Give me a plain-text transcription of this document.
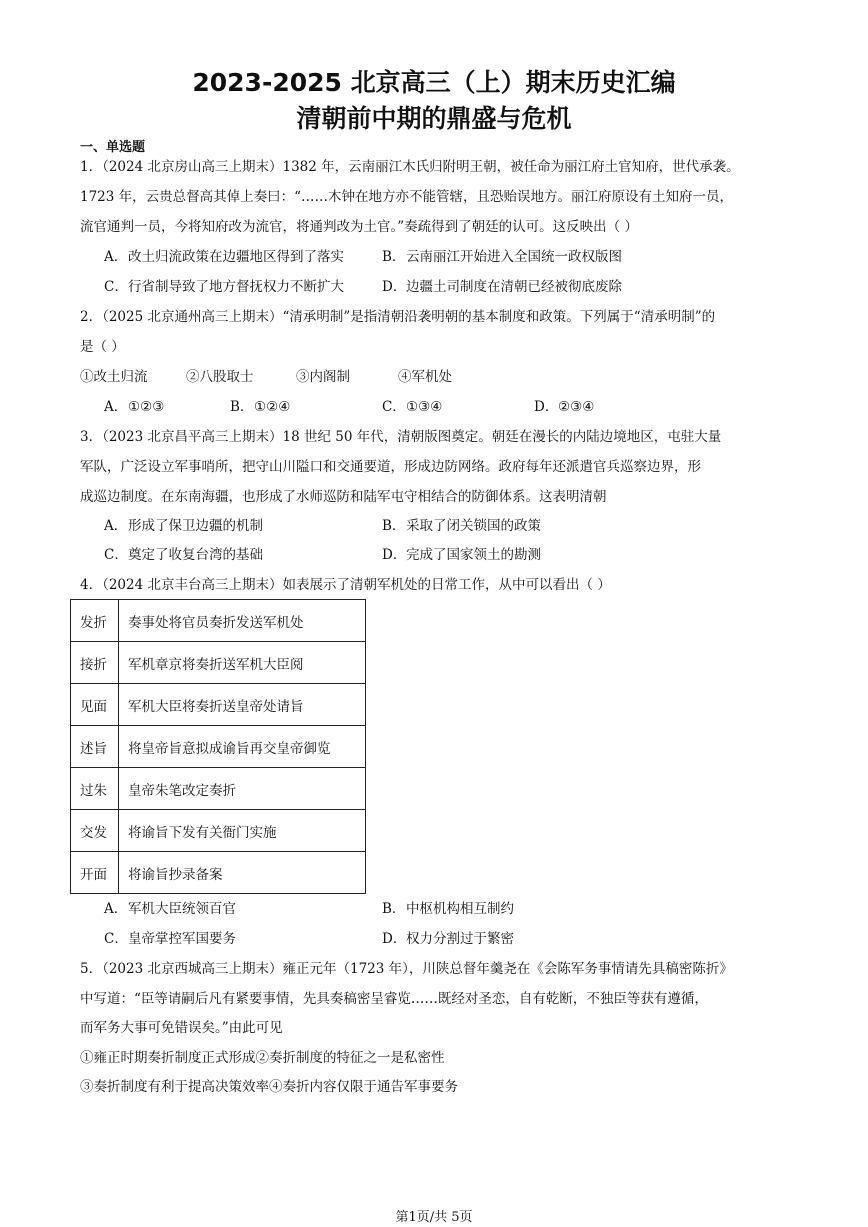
2023-2025 北京高三（上）期末历史汇编
清朝前中期的鼎盛与危机
一、单选题
1．（2024 北京房山高三上期末）1382 年，云南丽江木氏归附明王朝，被任命为丽江府土官知府，世代承袭。
1723 年，云贵总督高其倬上奏曰：“……木钟在地方亦不能管辖，且恐贻误地方。丽江府原设有土知府一员，
流官通判一员，今将知府改为流官，将通判改为土官。”奏疏得到了朝廷的认可。这反映出（ ）
A．改土归流政策在边疆地区得到了落实	B．云南丽江开始进入全国统一政权版图
C．行省制导致了地方督抚权力不断扩大	D．边疆土司制度在清朝已经被彻底废除
2．（2025 北京通州高三上期末）“清承明制”是指清朝沿袭明朝的基本制度和政策。下列属于“清承明制”的
是（ ）
①改土归流	②八股取士	③内阁制	④军机处
A．①②③	B．①②④	C．①③④	D．②③④
3．（2023 北京昌平高三上期末）18 世纪 50 年代，清朝版图奠定。朝廷在漫长的内陆边境地区，屯驻大量
军队，广泛设立军事哨所，把守山川隘口和交通要道，形成边防网络。政府每年还派遣官兵巡察边界，形
成巡边制度。在东南海疆，也形成了水师巡防和陆军屯守相结合的防御体系。这表明清朝
A．形成了保卫边疆的机制	B．采取了闭关锁国的政策
C．奠定了收复台湾的基础	D．完成了国家领土的勘测
4．（2024 北京丰台高三上期末）如表展示了清朝军机处的日常工作，从中可以看出（ ）
发折	奏事处将官员奏折发送军机处
接折	军机章京将奏折送军机大臣阅
见面	军机大臣将奏折送皇帝处请旨
述旨	将皇帝旨意拟成谕旨再交皇帝御览
过朱	皇帝朱笔改定奏折
交发	将谕旨下发有关衙门实施
开面	将谕旨抄录备案
A．军机大臣统领百官	B．中枢机构相互制约
C．皇帝掌控军国要务	D．权力分割过于繁密
5．（2023 北京西城高三上期末）雍正元年（1723 年），川陕总督年羹尧在《会陈军务事情请先具稿密陈折》
中写道：“臣等请嗣后凡有紧要事情，先具奏稿密呈睿览……既经对圣恋，自有乾断，不独臣等获有遵循，
而军务大事可免错误矣。”由此可见
①雍正时期奏折制度正式形成②奏折制度的特征之一是私密性
③奏折制度有利于提高决策效率④奏折内容仅限于通告军事要务
第1页/共 5页
